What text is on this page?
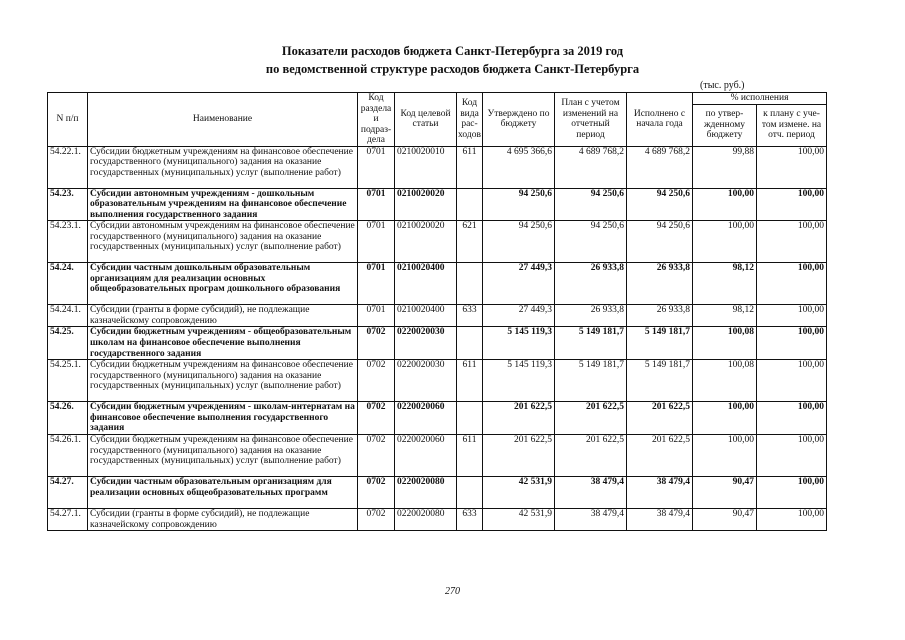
Показатели расходов бюджета Санкт-Петербурга за 2019 год
по ведомственной структуре расходов бюджета Санкт-Петербурга
(тыс. руб.)
N п/п	Наименование	Код раздела и подраз-дела	Код целевой статьи	Код вида рас-ходов	Утверждено по бюджету	План с учетом изменений на отчетный период	Исполнено с начала года	% исполнения	
								по утвер-жденному бюджету	к плану с уче-том измене. на отч. период
54.22.1.	Субсидии бюджетным учреждениям на финансовое обеспечение государственного (муниципального) задания на оказание государственных (муниципальных) услуг (выполнение работ)	0701	0210020010	611	4 695 366,6	4 689 768,2	4 689 768,2	99,88	100,00
54.23.	Субсидии автономным учреждениям - дошкольным образовательным учреждениям на финансовое обеспечение выполнения государственного задания	0701	0210020020		94 250,6	94 250,6	94 250,6	100,00	100,00
54.23.1.	Субсидии автономным учреждениям на финансовое обеспечение государственного (муниципального) задания на оказание государственных (муниципальных) услуг (выполнение работ)	0701	0210020020	621	94 250,6	94 250,6	94 250,6	100,00	100,00
54.24.	Субсидии частным дошкольным образовательным организациям для реализации основных общеобразовательных програм дошкольного образования	0701	0210020400		27 449,3	26 933,8	26 933,8	98,12	100,00
54.24.1.	Субсидии (гранты в форме субсидий), не подлежащие казначейскому сопровождению	0701	0210020400	633	27 449,3	26 933,8	26 933,8	98,12	100,00
54.25.	Субсидии бюджетным учреждениям - общеобразовательным школам на финансовое обеспечение выполнения государственного задания	0702	0220020030		5 145 119,3	5 149 181,7	5 149 181,7	100,08	100,00
54.25.1.	Субсидии бюджетным учреждениям на финансовое обеспечение государственного (муниципального) задания на оказание государственных (муниципальных) услуг (выполнение работ)	0702	0220020030	611	5 145 119,3	5 149 181,7	5 149 181,7	100,08	100,00
54.26.	Субсидии бюджетным учреждениям - школам-интернатам на финансовое обеспечение выполнения государственного задания	0702	0220020060		201 622,5	201 622,5	201 622,5	100,00	100,00
54.26.1.	Субсидии бюджетным учреждениям на финансовое обеспечение государственного (муниципального) задания на оказание государственных (муниципальных) услуг (выполнение работ)	0702	0220020060	611	201 622,5	201 622,5	201 622,5	100,00	100,00
54.27.	Субсидии частным образовательным организациям для реализации основных общеобразовательных программ	0702	0220020080		42 531,9	38 479,4	38 479,4	90,47	100,00
54.27.1.	Субсидии (гранты в форме субсидий), не подлежащие казначейскому сопровождению	0702	0220020080	633	42 531,9	38 479,4	38 479,4	90,47	100,00
270
